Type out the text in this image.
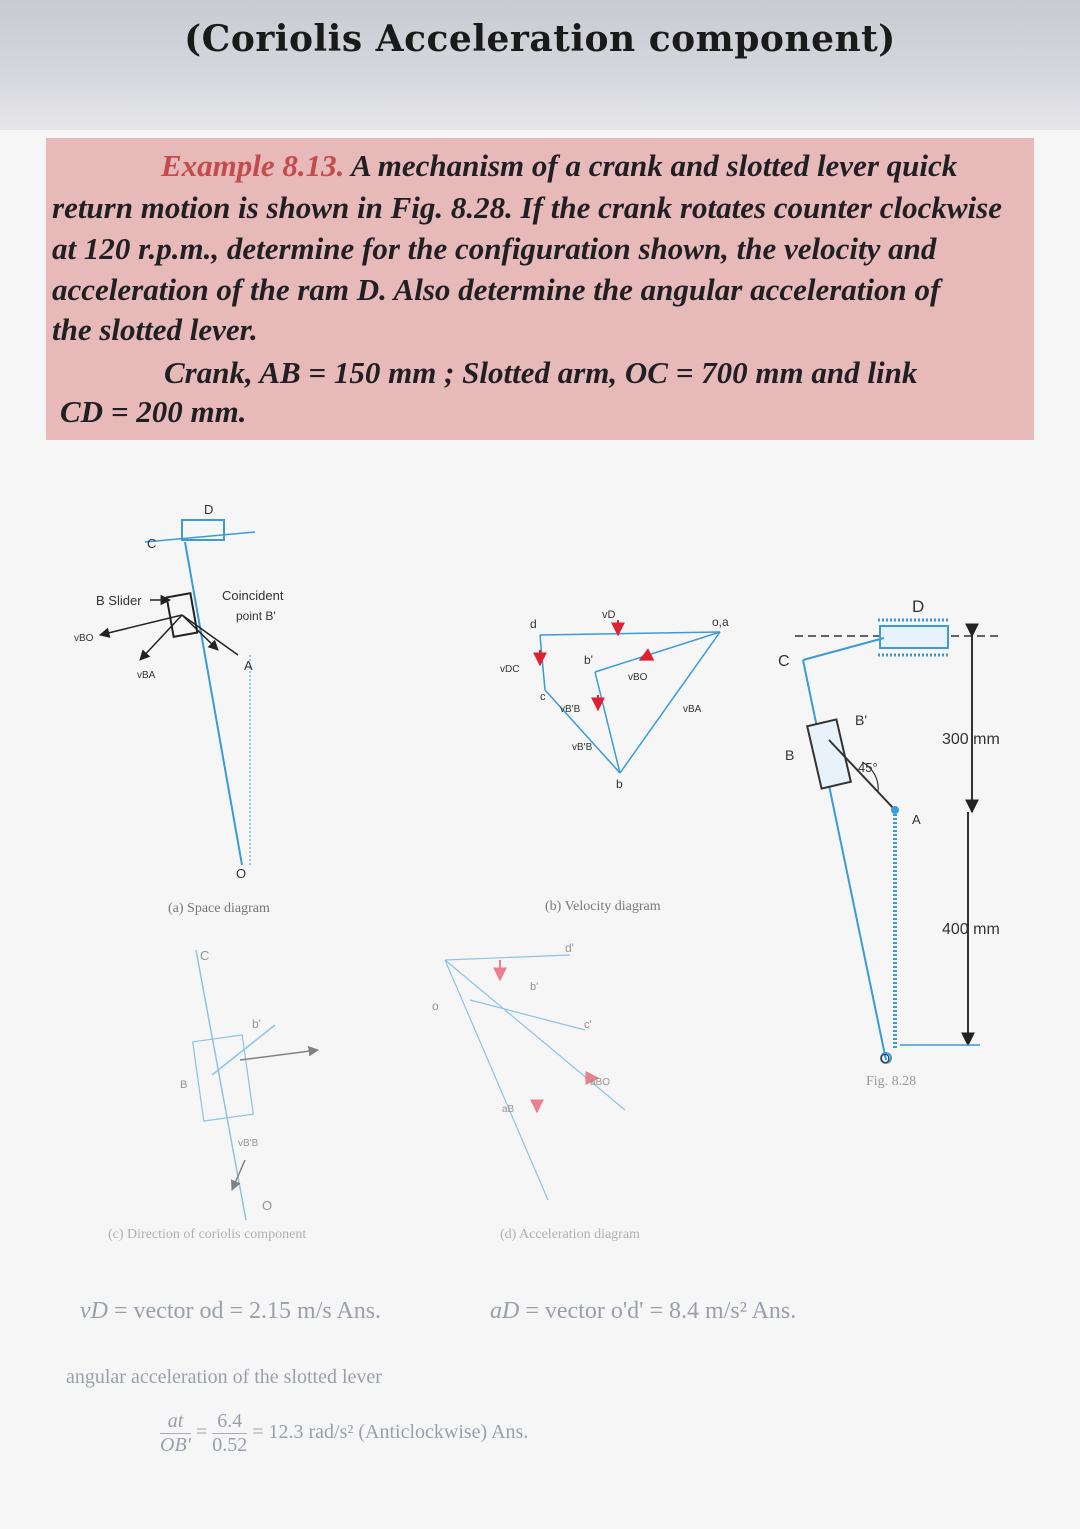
(Coriolis Acceleration component)
Example 8.13. A mechanism of a crank and slotted lever quick
return motion is shown in Fig. 8.28. If the crank rotates counter clockwise
at 120 r.p.m., determine for the configuration shown, the velocity and
acceleration of the ram D. Also determine the angular acceleration of
the slotted lever.
Crank, AB = 150 mm ; Slotted arm, OC = 700 mm and link
CD = 200 mm.
D
C
B Slider	Coincident
point B'
A
O
vBO
vBA
(a) Space diagram
d	o,a
vD
vDC
b'
vBO
vBA
c
vB'B
vB'B
b
(b) Velocity diagram
D
C
B'
B
45°
A
O
300 mm
400 mm
Fig. 8.28
C
b'
B
vB'B
O
(c) Direction of coriolis component
d'
b'
o
c'
aBO
aB
(d) Acceleration diagram
vD = vector od = 2.15 m/s Ans.	aD = vector o'd' = 8.4 m/s² Ans.
angular acceleration of the slotted lever
$\frac{at}{OB'} = \frac{6.4}{0.52} = 12.3$ rad/s² (Anticlockwise) Ans.
